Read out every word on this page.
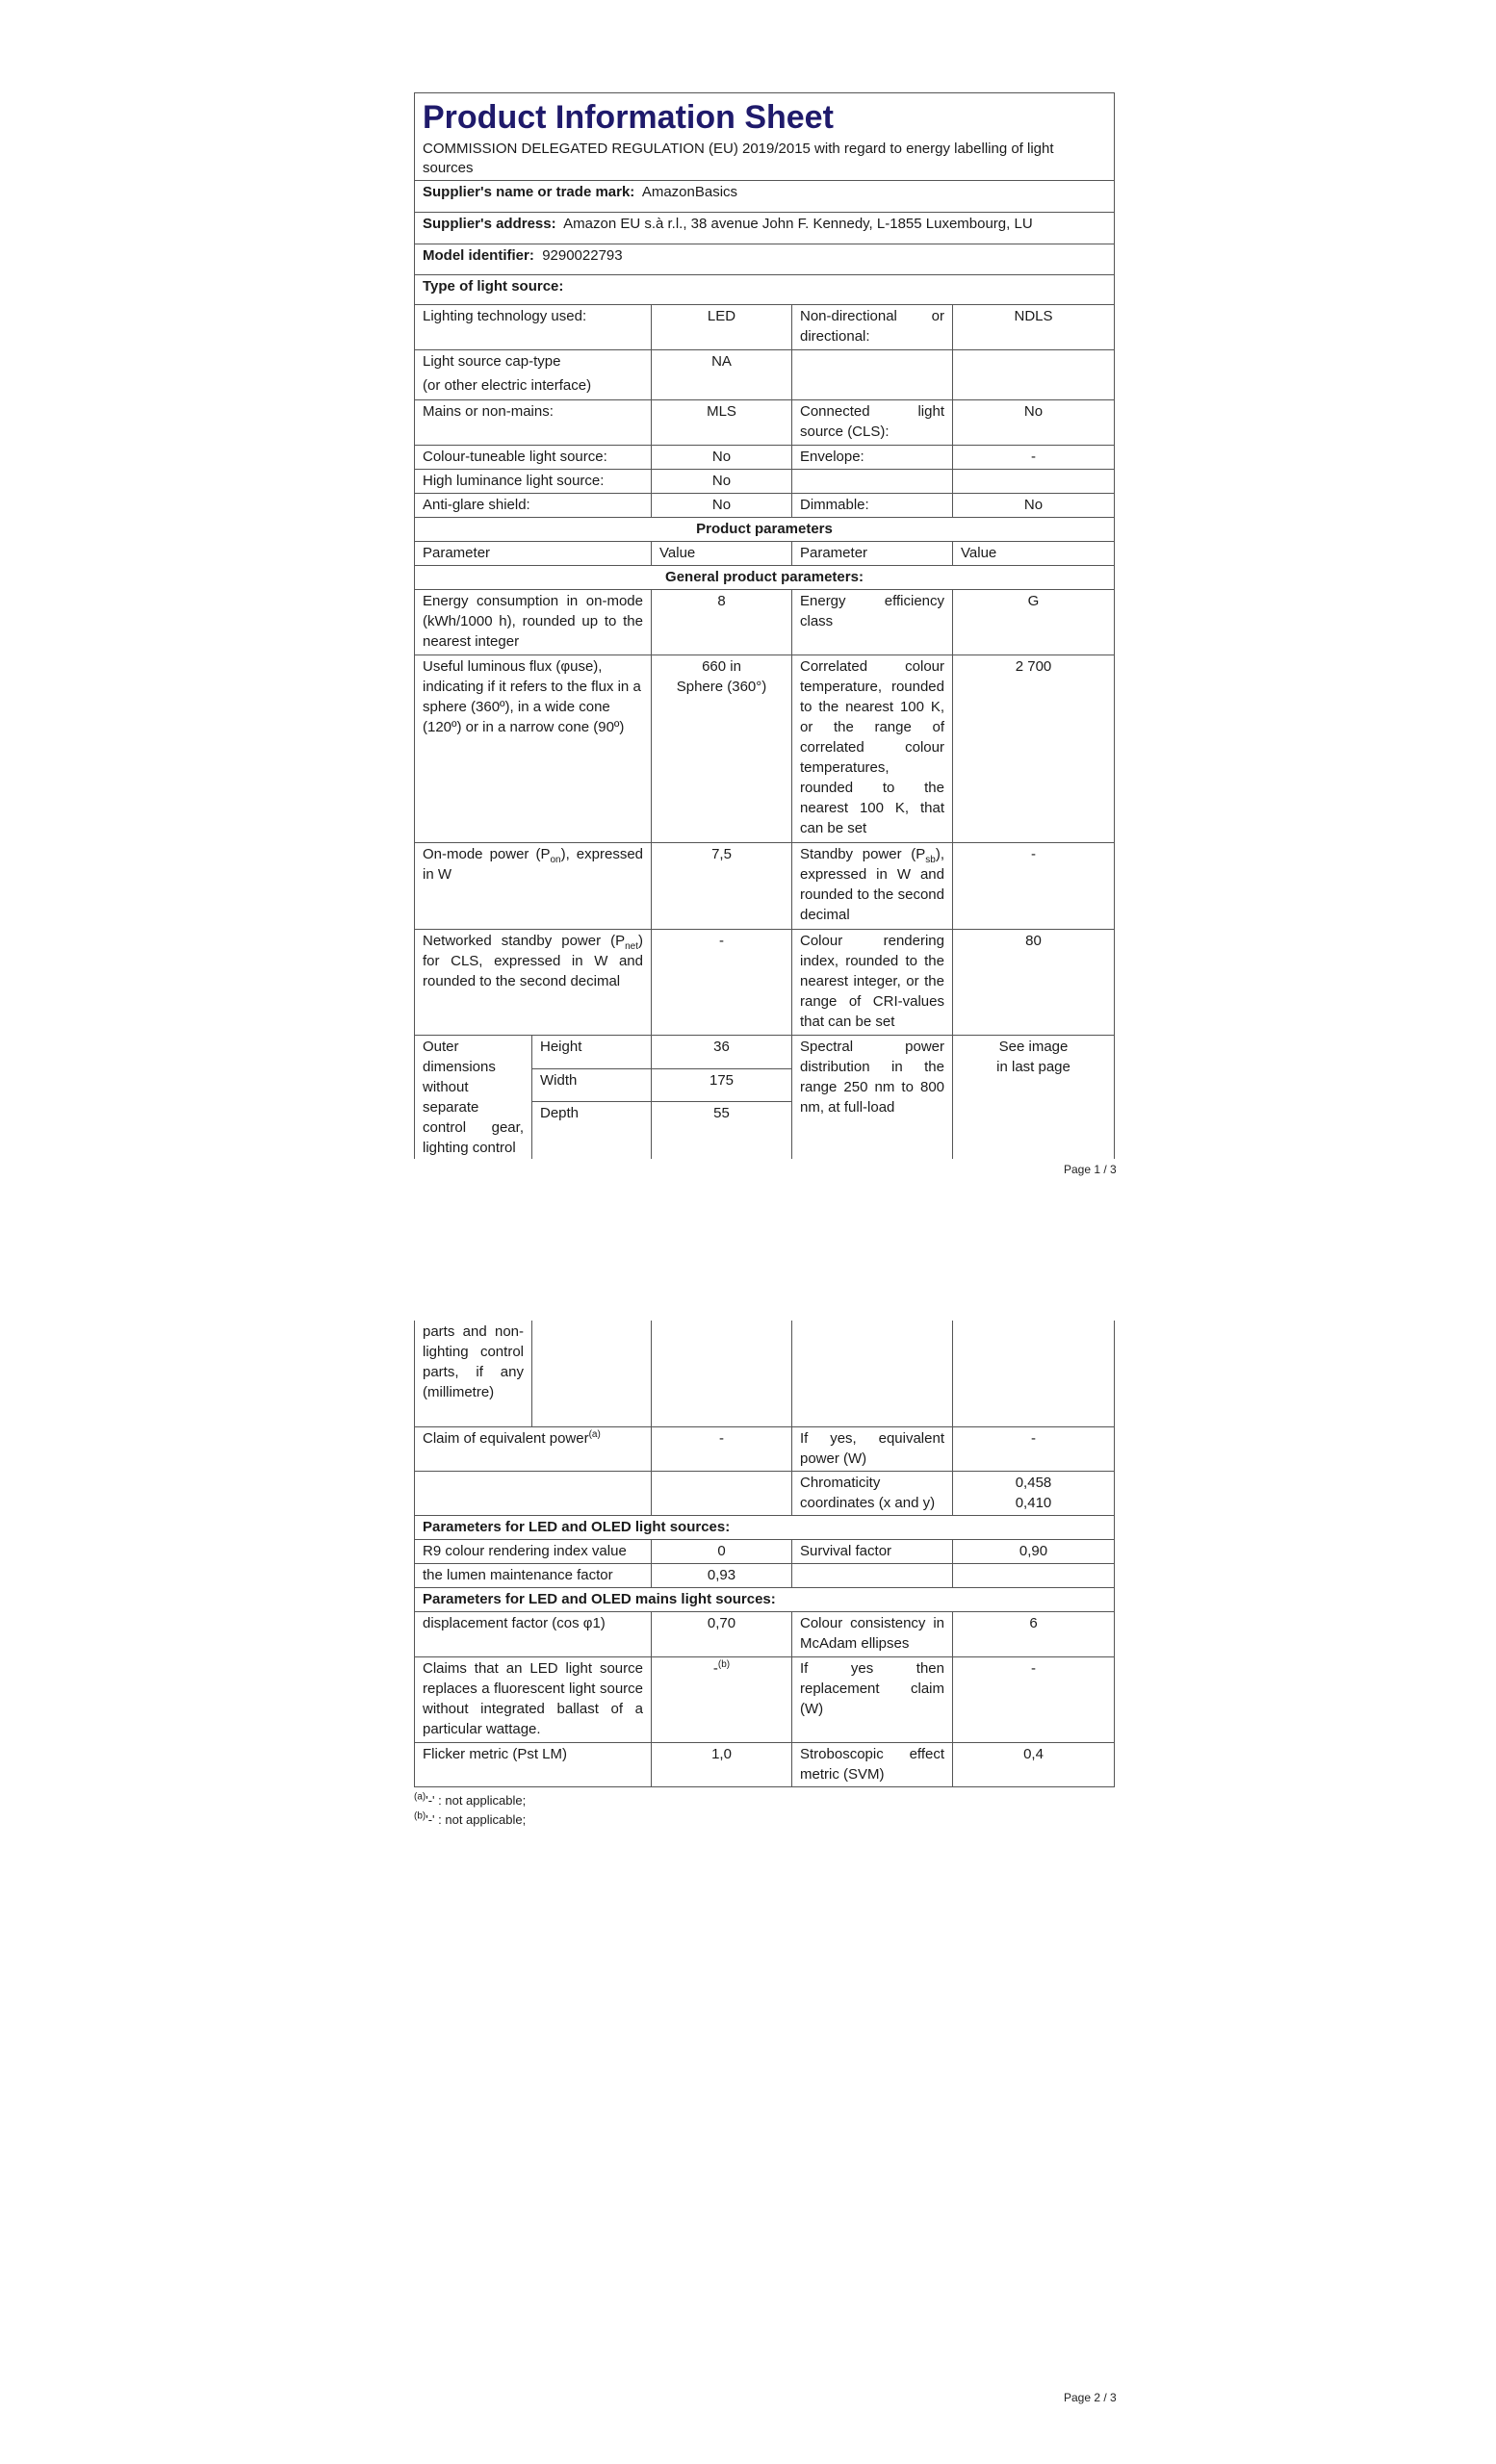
Product Information Sheet
COMMISSION DELEGATED REGULATION (EU) 2019/2015 with regard to energy labelling of light sources				

Supplier's name or trade mark: AmazonBasics				
Supplier's address: Amazon EU s.à r.l., 38 avenue John F. Kennedy, L-1855 Luxembourg, LU				
Model identifier: 9290022793				
Type of light source:				
Lighting technology used:		LED	Non-directional or directional:	NDLS

Light source cap-type
(or other electric interface)		NA		
Mains or non-mains:		MLS	Connected light source (CLS):	No
Colour-tuneable light source:		No	Envelope:	-
High luminance light source:		No		
Anti-glare shield:		No	Dimmable:	No
Product parameters				
Parameter		Value	Parameter	Value
General product parameters:				
Energy consumption in on-mode (kWh/1000 h), rounded up to the nearest integer		8	Energy efficiency class	G
Useful luminous flux (φuse), indicating if it refers to the flux in a sphere (360º), in a wide cone (120º) or in a narrow cone (90º)		660 in
Sphere (360°)	Correlated colour temperature, rounded to the nearest 100 K, or the range of correlated colour temperatures, rounded to the nearest 100 K, that can be set	2 700
On-mode power $(P_{on})$, expressed in W		7,5	Standby power $(P_{sb})$, expressed in W and rounded to the second decimal	-
Networked standby power $(P_{net})$ for CLS, expressed in W and rounded to the second decimal		-	Colour rendering index, rounded to the nearest integer, or the range of CRI-values that can be set	80
Outer dimensions without separate control gear, lighting control	Height	36	Spectral power distribution in the range 250 nm to 800 nm, at full-load	See image
in last page

	Width	175		
	Depth	55		

Page 1 / 3
parts and non-lighting control parts, if any (millimetre)				
Claim of equivalent power$^{(a)}$		-	If yes, equivalent power (W)	-
			Chromaticity coordinates (x and y)	0,458
0,410

Parameters for LED and OLED light sources:				
R9 colour rendering index value		0	Survival factor	0,90
the lumen maintenance factor		0,93		
Parameters for LED and OLED mains light sources:				
displacement factor (cos φ1)		0,70	Colour consistency in McAdam ellipses	6
Claims that an LED light source replaces a fluorescent light source without integrated ballast of a particular wattage.		-$^{(b)}$	If yes then replacement claim (W)	-
Flicker metric (Pst LM)		1,0	Stroboscopic effect metric (SVM)	0,4
$^{(a)}$'-' : not applicable;
$^{(b)}$'-' : not applicable;
Page 2 / 3
